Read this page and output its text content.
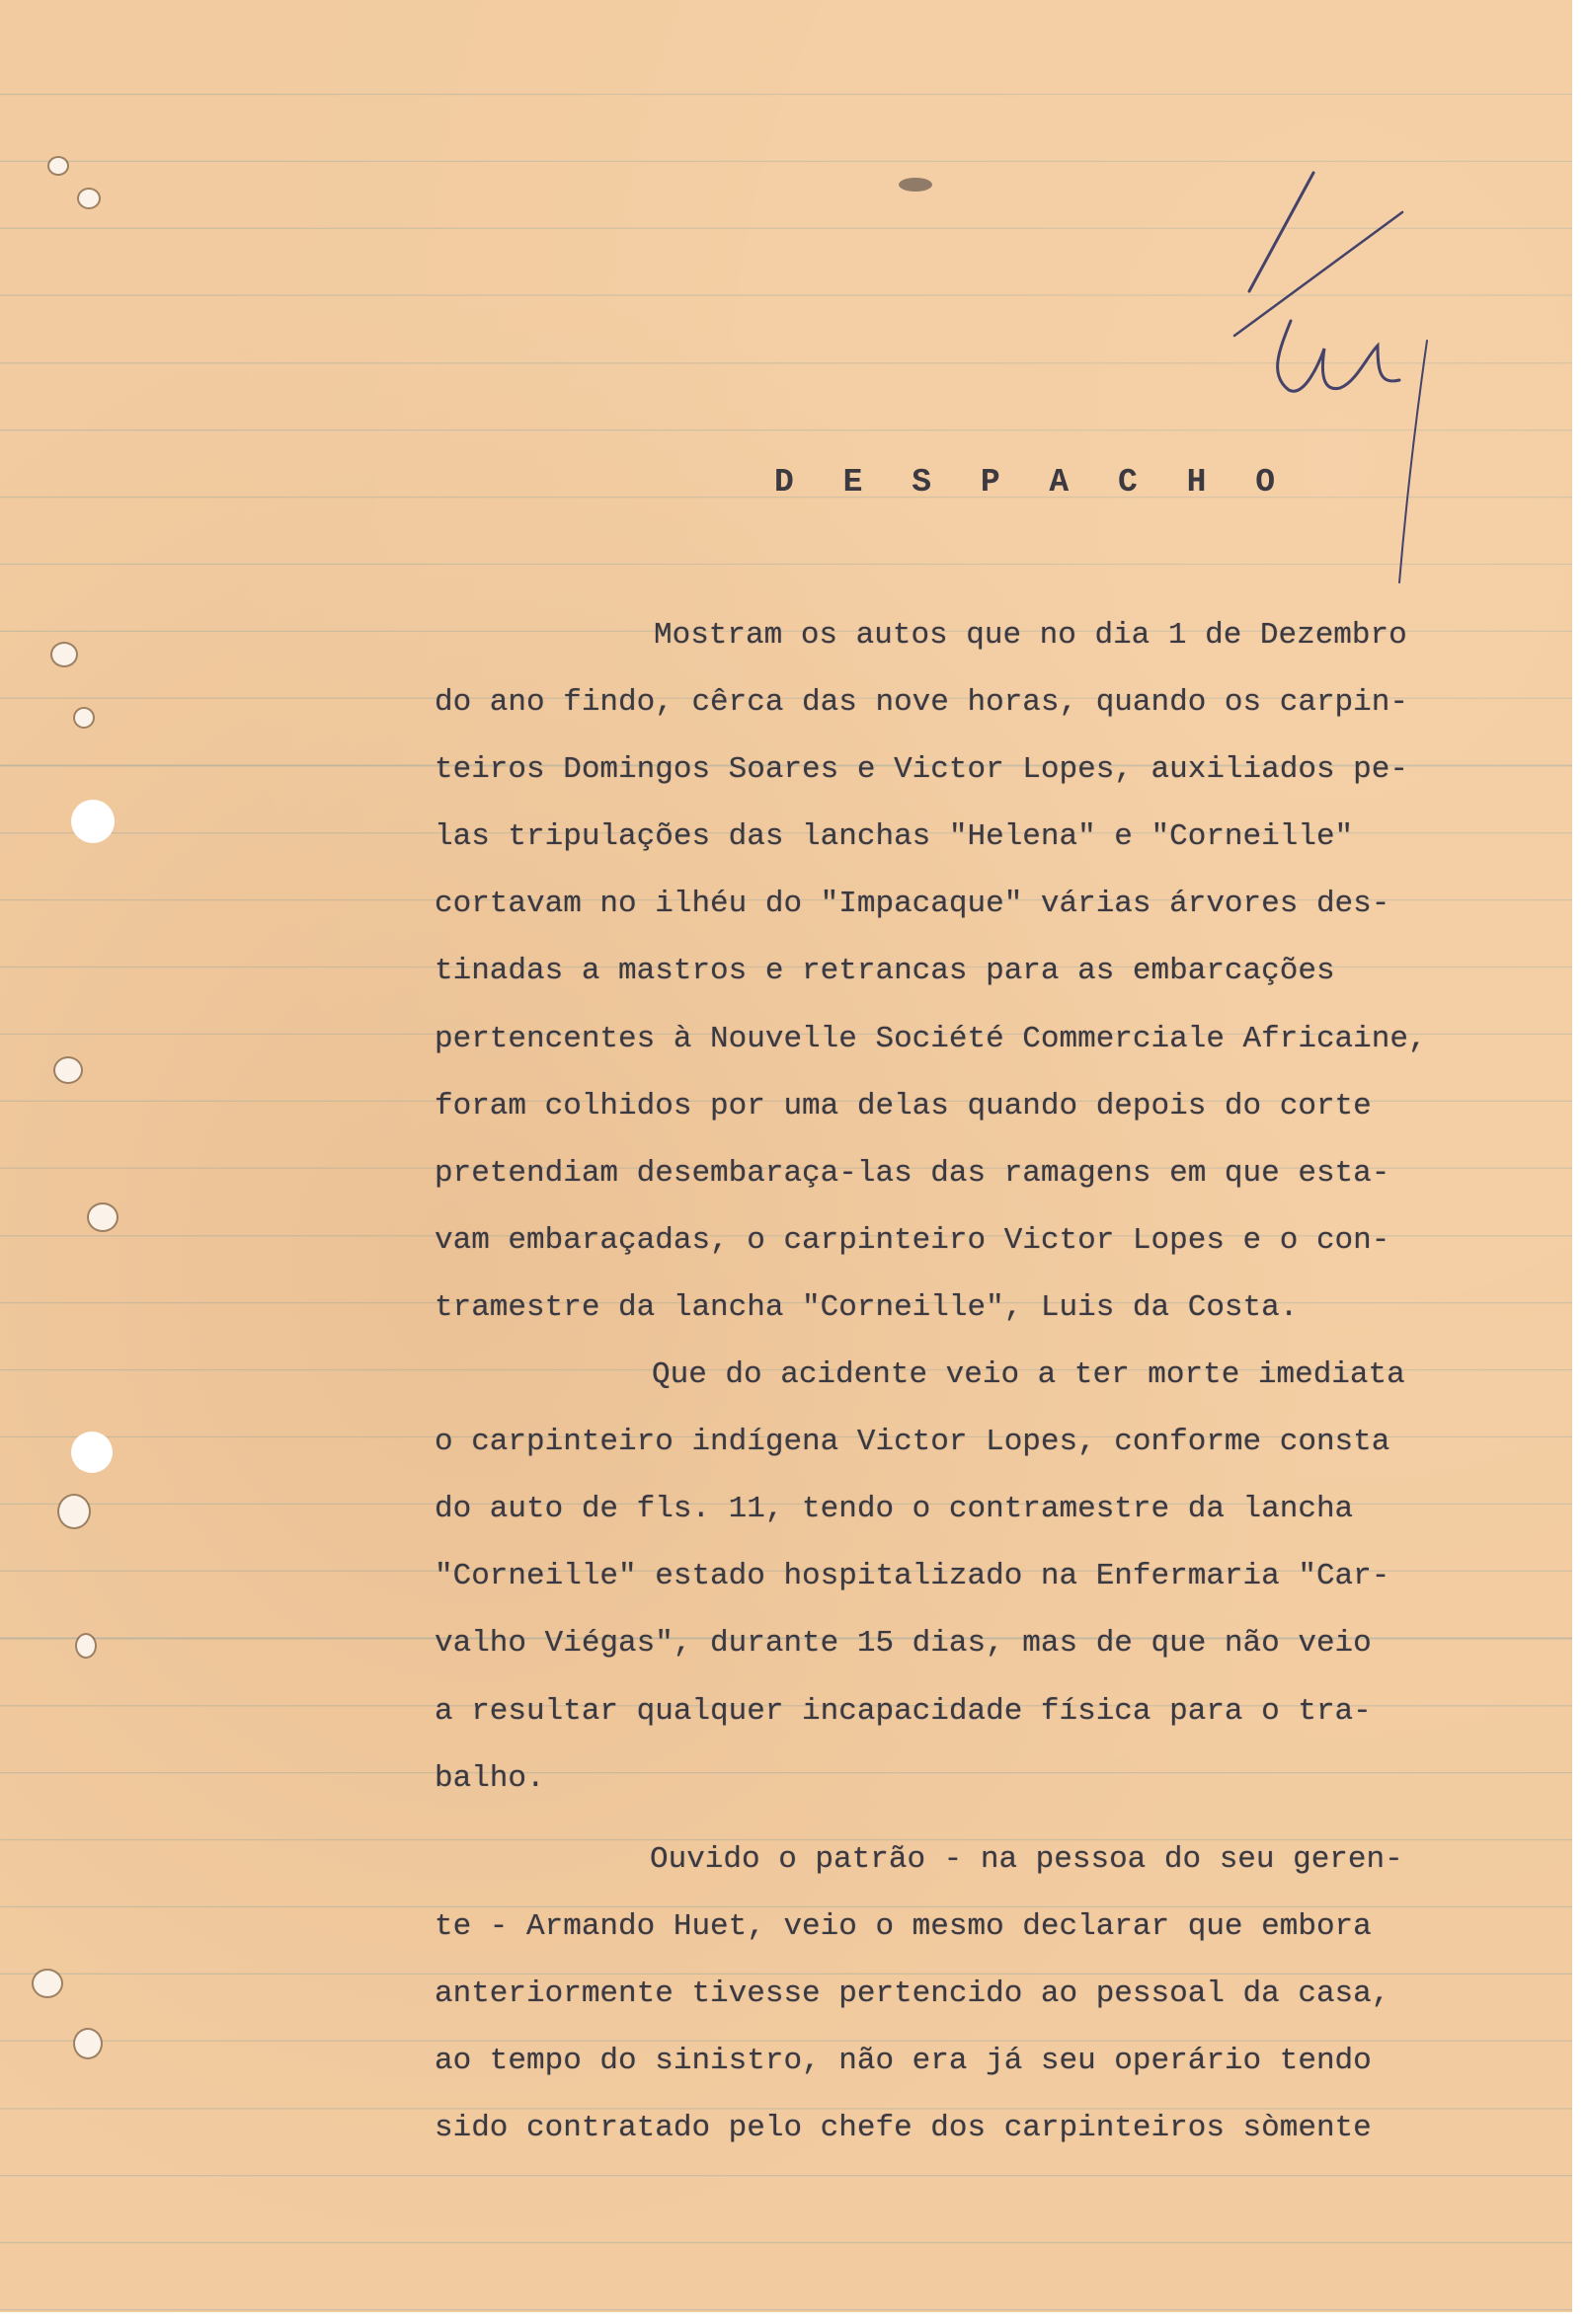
D E S P A C H O
Mostram os autos que no dia 1 de Dezembro
do ano findo, cêrca das nove horas, quando os carpin-
teiros Domingos Soares e Victor Lopes, auxiliados pe-
las tripulações das lanchas "Helena" e "Corneille"
cortavam no ilhéu do "Impacaque" várias árvores des-
tinadas a mastros e retrancas para as embarcações
pertencentes à Nouvelle Société Commerciale Africaine,
foram colhidos por uma delas quando depois do corte
pretendiam desembaraça-las das ramagens em que esta-
vam embaraçadas, o carpinteiro Victor Lopes e o con-
tramestre da lancha "Corneille", Luis da Costa.
Que do acidente veio a ter morte imediata
o carpinteiro indígena Victor Lopes, conforme consta
do auto de fls. 11, tendo o contramestre da lancha
"Corneille" estado hospitalizado na Enfermaria "Car-
valho Viégas", durante 15 dias, mas de que não veio
a resultar qualquer incapacidade física para o tra-
balho.
Ouvido o patrão - na pessoa do seu geren-
te - Armando Huet, veio o mesmo declarar que embora
anteriormente tivesse pertencido ao pessoal da casa,
ao tempo do sinistro, não era já seu operário tendo
sido contratado pelo chefe dos carpinteiros sòmente
